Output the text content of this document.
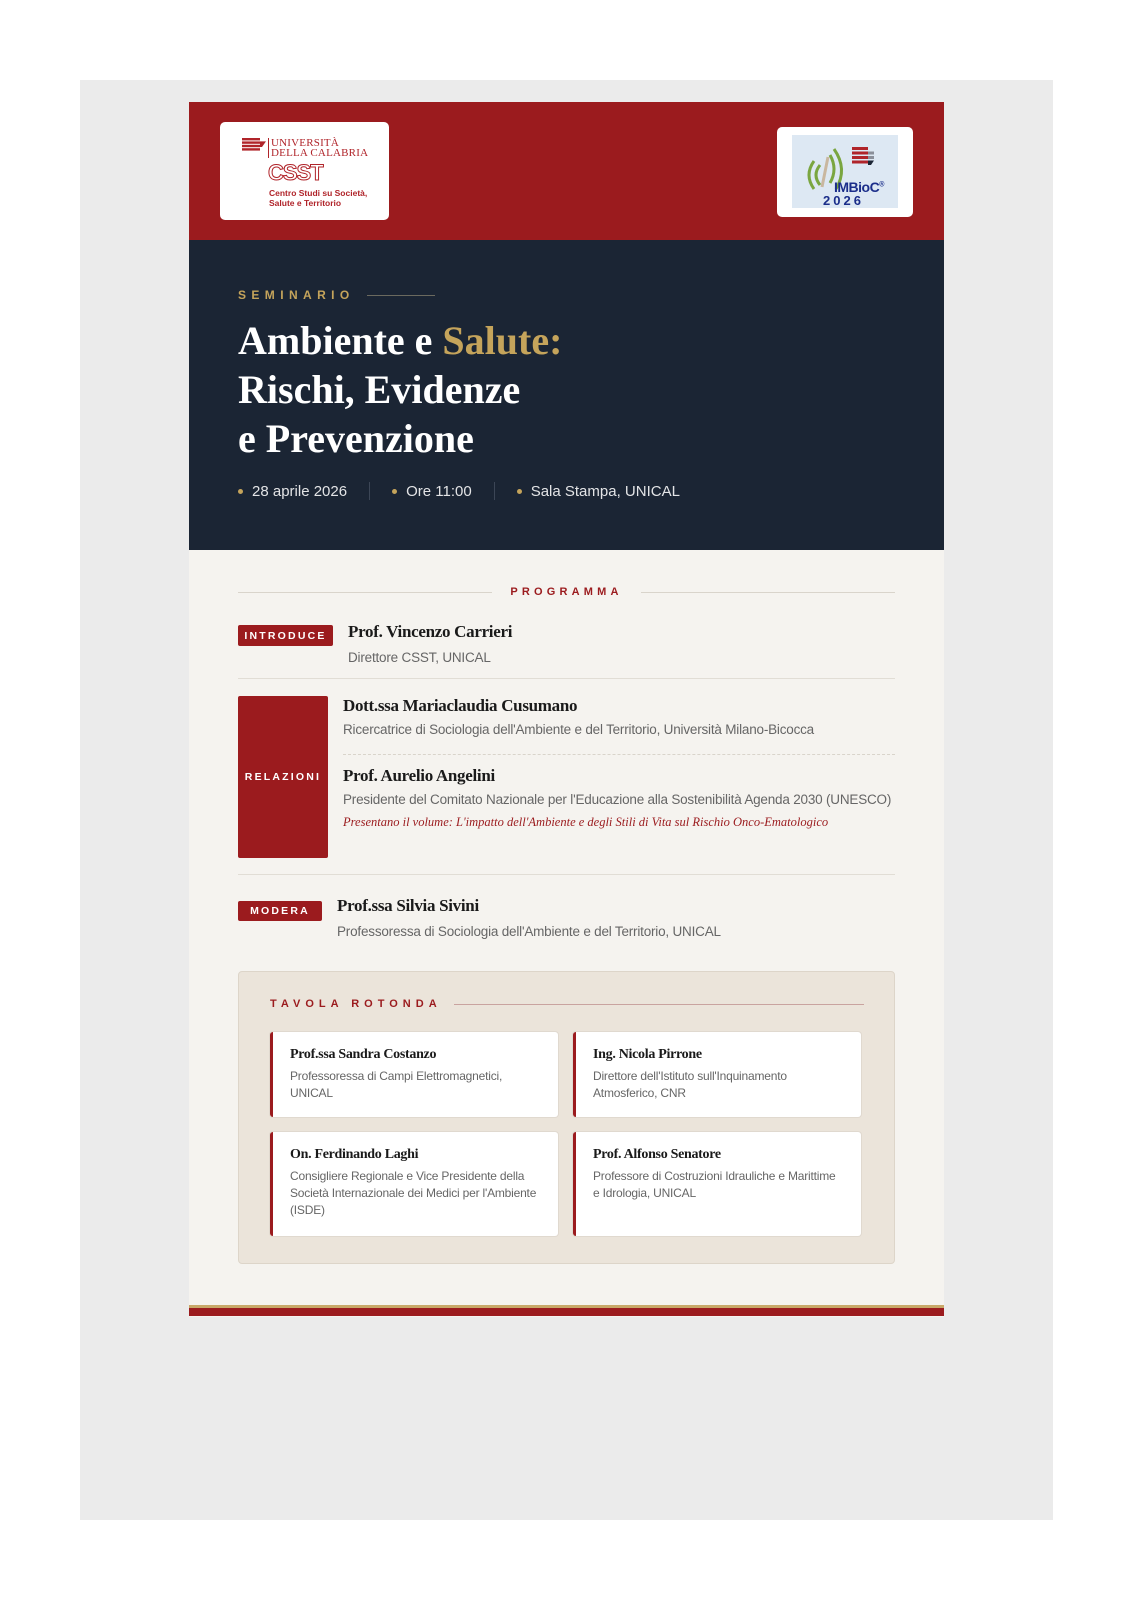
UNIVERSITÀ
DELLA CALABRIA
CSST
Centro Studi su Società,
Salute e Territorio
IMBioC®
2026
SEMINARIO
Ambiente e Salute:
Rischi, Evidenze
e Prevenzione
28 aprile 2026	Ore 11:00	Sala Stampa, UNICAL
PROGRAMMA
INTRODUCE	Prof. Vincenzo Carrieri
Direttore CSST, UNICAL
RELAZIONI
Dott.ssa Mariaclaudia Cusumano
Ricercatrice di Sociologia dell'Ambiente e del Territorio, Università Milano-Bicocca
Prof. Aurelio Angelini
Presidente del Comitato Nazionale per l'Educazione alla Sostenibilità Agenda 2030 (UNESCO)
Presentano il volume: L'impatto dell'Ambiente e degli Stili di Vita sul Rischio Onco-Ematologico
MODERA	Prof.ssa Silvia Sivini
Professoressa di Sociologia dell'Ambiente e del Territorio, UNICAL
TAVOLA ROTONDA
Prof.ssa Sandra Costanzo
Professoressa di Campi Elettromagnetici, UNICAL
Ing. Nicola Pirrone
Direttore dell'Istituto sull'Inquinamento Atmosferico, CNR
On. Ferdinando Laghi
Consigliere Regionale e Vice Presidente della Società Internazionale dei Medici per l'Ambiente (ISDE)
Prof. Alfonso Senatore
Professore di Costruzioni Idrauliche e Marittime e Idrologia, UNICAL
